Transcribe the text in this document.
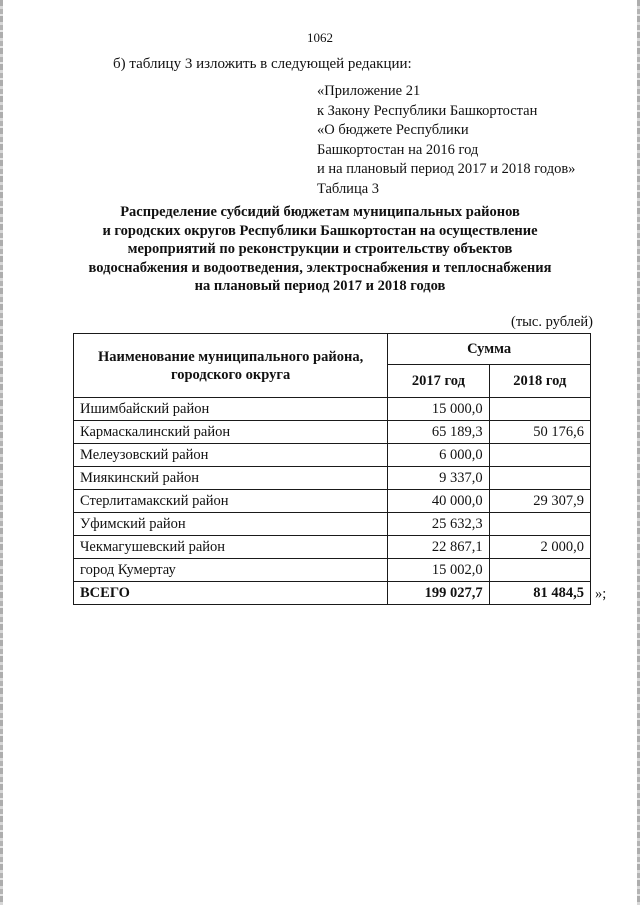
1062
б) таблицу 3 изложить в следующей редакции:
«Приложение 21
к Закону Республики Башкортостан
«О бюджете Республики
Башкортостан на 2016 год
и на плановый период 2017 и 2018 годов»
Таблица 3
Распределение субсидий бюджетам муниципальных районов
и городских округов Республики Башкортостан на осуществление
мероприятий по реконструкции и строительству объектов
водоснабжения и водоотведения, электроснабжения и теплоснабжения
на плановый период 2017 и 2018 годов
(тыс. рублей)
Наименование муниципального района, городского округа	Сумма	
	2017 год	2018 год
Ишимбайский район	15 000,0	
Кармаскалинский район	65 189,3	50 176,6
Мелеузовский район	6 000,0	
Миякинский район	9 337,0	
Стерлитамакский район	40 000,0	29 307,9
Уфимский район	25 632,3	
Чекмагушевский район	22 867,1	2 000,0
город Кумертау	15 002,0	
ВСЕГО	199 027,7	81 484,5 »;
